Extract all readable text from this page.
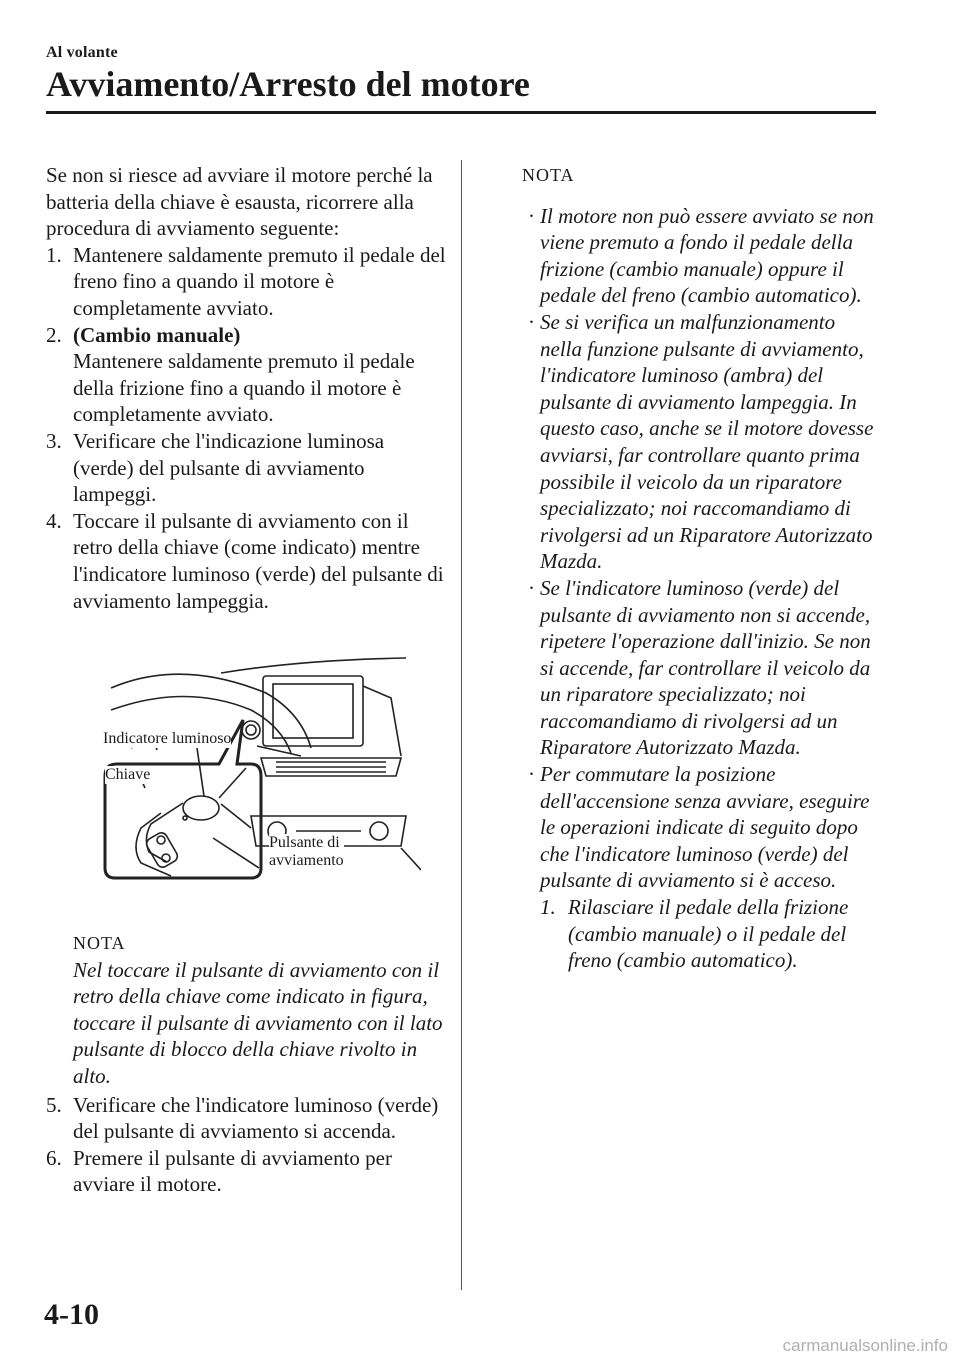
Al volante
Avviamento/Arresto del motore

Se non si riesce ad avviare il motore perché la batteria della chiave è esausta, ricorrere alla procedura di avviamento seguente:

1. Mantenere saldamente premuto il pedale del freno fino a quando il motore è completamente avviato.

2. (Cambio manuale)
Mantenere saldamente premuto il pedale della frizione fino a quando il motore è completamente avviato.

3. Verificare che l'indicazione luminosa (verde) del pulsante di avviamento lampeggi.

4. Toccare il pulsante di avviamento con il retro della chiave (come indicato) mentre l'indicatore luminoso (verde) del pulsante di avviamento lampeggia.

Indicatore luminoso
Chiave
Pulsante di
avviamento
NOTA
Nel toccare il pulsante di avviamento con il retro della chiave come indicato in figura, toccare il pulsante di avviamento con il lato pulsante di blocco della chiave rivolto in alto.

5. Verificare che l'indicatore luminoso (verde) del pulsante di avviamento si accenda.

6. Premere il pulsante di avviamento per avviare il motore.

NOTA

· Il motore non può essere avviato se non viene premuto a fondo il pedale della frizione (cambio manuale) oppure il pedale del freno (cambio automatico).

· Se si verifica un malfunzionamento nella funzione pulsante di avviamento, l'indicatore luminoso (ambra) del pulsante di avviamento lampeggia. In questo caso, anche se il motore dovesse avviarsi, far controllare quanto prima possibile il veicolo da un riparatore specializzato; noi raccomandiamo di rivolgersi ad un Riparatore Autorizzato Mazda.

· Se l'indicatore luminoso (verde) del pulsante di avviamento non si accende, ripetere l'operazione dall'inizio. Se non si accende, far controllare il veicolo da un riparatore specializzato; noi raccomandiamo di rivolgersi ad un Riparatore Autorizzato Mazda.

· Per commutare la posizione dell'accensione senza avviare, eseguire le operazioni indicate di seguito dopo che l'indicatore luminoso (verde) del pulsante di avviamento si è acceso.

1. Rilasciare il pedale della frizione (cambio manuale) o il pedale del freno (cambio automatico).

4-10
carmanualsonline.info
